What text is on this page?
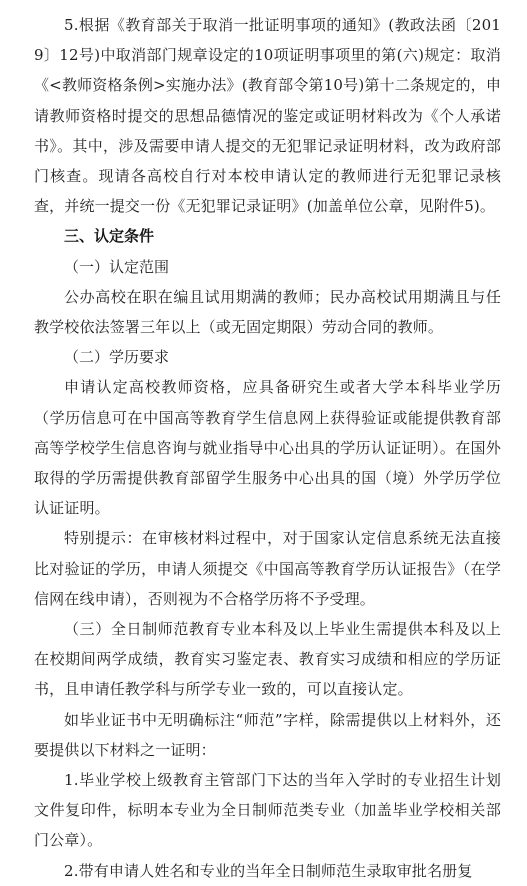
5.根据《教育部关于取消一批证明事项的通知》(教政法函〔2019〕12号)中取消部门规章设定的10项证明事项里的第(六)规定：取消《<教师资格条例>实施办法》(教育部令第10号)第十二条规定的，申请教师资格时提交的思想品德情况的鉴定或证明材料改为《个人承诺书》。其中，涉及需要申请人提交的无犯罪记录证明材料，改为政府部门核查。现请各高校自行对本校申请认定的教师进行无犯罪记录核查，并统一提交一份《无犯罪记录证明》(加盖单位公章，见附件5)。

三、认定条件

（一）认定范围

公办高校在职在编且试用期满的教师；民办高校试用期满且与任教学校依法签署三年以上（或无固定期限）劳动合同的教师。

（二）学历要求

申请认定高校教师资格，应具备研究生或者大学本科毕业学历（学历信息可在中国高等教育学生信息网上获得验证或能提供教育部高等学校学生信息咨询与就业指导中心出具的学历认证证明）。在国外取得的学历需提供教育部留学生服务中心出具的国（境）外学历学位认证证明。

特别提示：在审核材料过程中，对于国家认定信息系统无法直接比对验证的学历，申请人须提交《中国高等教育学历认证报告》（在学信网在线申请），否则视为不合格学历将不予受理。

（三）全日制师范教育专业本科及以上毕业生需提供本科及以上在校期间两学成绩，教育实习鉴定表、教育实习成绩和相应的学历证书，且申请任教学科与所学专业一致的，可以直接认定。

如毕业证书中无明确标注“师范”字样，除需提供以上材料外，还要提供以下材料之一证明：

1.毕业学校上级教育主管部门下达的当年入学时的专业招生计划文件复印件，标明本专业为全日制师范类专业（加盖毕业学校相关部门公章）。

2.带有申请人姓名和专业的当年全日制师范生录取审批名册复
